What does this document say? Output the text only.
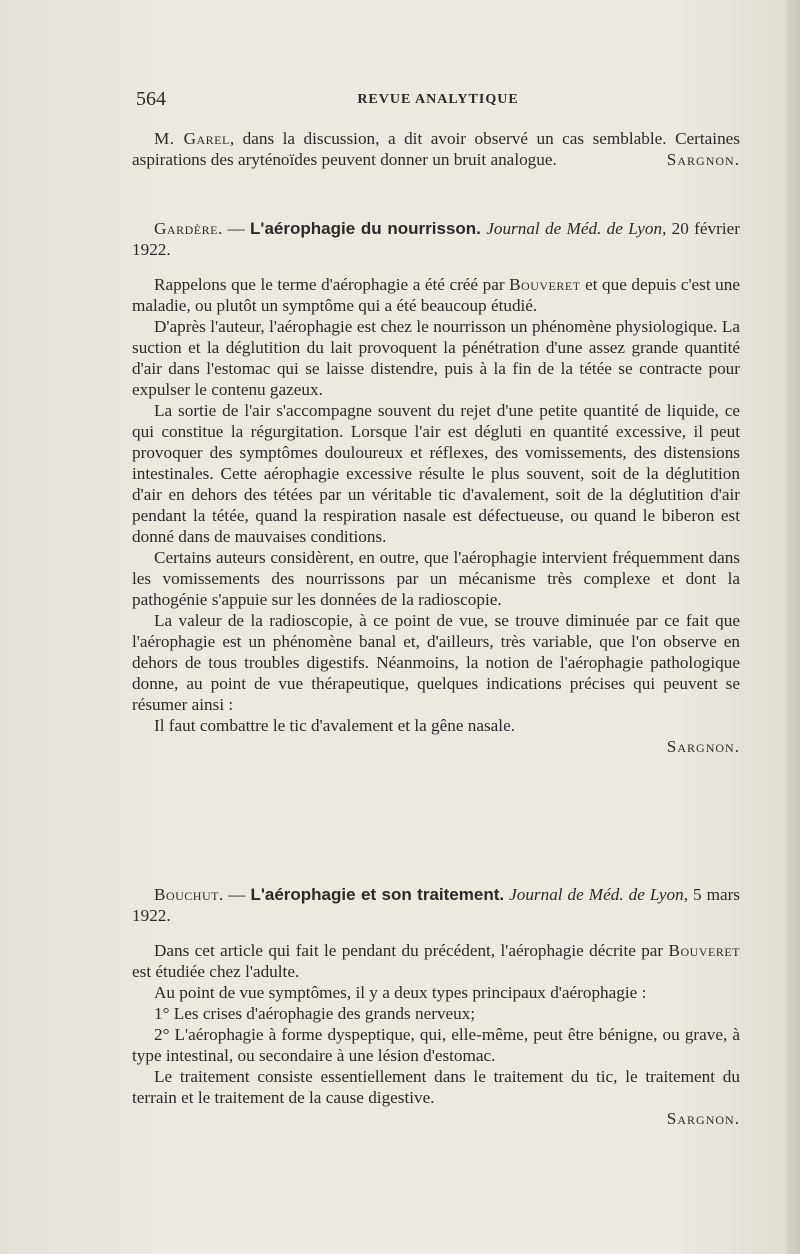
564	REVUE ANALYTIQUE

M. Garel, dans la discussion, a dit avoir observé un cas semblable. Certaines aspirations des aryténoïdes peuvent donner un bruit analogue.	Sargnon.

Gardère. — L'aérophagie du nourrisson. Journal de Méd. de Lyon, 20 février 1922.

Rappelons que le terme d'aérophagie a été créé par Bouveret et que depuis c'est une maladie, ou plutôt un symptôme qui a été beaucoup étudié.

D'après l'auteur, l'aérophagie est chez le nourrisson un phénomène physiologique. La suction et la déglutition du lait provoquent la pénétration d'une assez grande quantité d'air dans l'estomac qui se laisse distendre, puis à la fin de la tétée se contracte pour expulser le contenu gazeux.

La sortie de l'air s'accompagne souvent du rejet d'une petite quantité de liquide, ce qui constitue la régurgitation. Lorsque l'air est dégluti en quantité excessive, il peut provoquer des symptômes douloureux et réflexes, des vomissements, des distensions intestinales. Cette aérophagie excessive résulte le plus souvent, soit de la déglutition d'air en dehors des tétées par un véritable tic d'avalement, soit de la déglutition d'air pendant la tétée, quand la respiration nasale est défectueuse, ou quand le biberon est donné dans de mauvaises conditions.

Certains auteurs considèrent, en outre, que l'aérophagie intervient fréquemment dans les vomissements des nourrissons par un mécanisme très complexe et dont la pathogénie s'appuie sur les données de la radioscopie.

La valeur de la radioscopie, à ce point de vue, se trouve diminuée par ce fait que l'aérophagie est un phénomène banal et, d'ailleurs, très variable, que l'on observe en dehors de tous troubles digestifs. Néanmoins, la notion de l'aérophagie pathologique donne, au point de vue thérapeutique, quelques indications précises qui peuvent se résumer ainsi :

Il faut combattre le tic d'avalement et la gêne nasale.

Sargnon.

Bouchut. — L'aérophagie et son traitement. Journal de Méd. de Lyon, 5 mars 1922.

Dans cet article qui fait le pendant du précédent, l'aérophagie décrite par Bouveret est étudiée chez l'adulte.

Au point de vue symptômes, il y a deux types principaux d'aérophagie :

1° Les crises d'aérophagie des grands nerveux;

2° L'aérophagie à forme dyspeptique, qui, elle-même, peut être bénigne, ou grave, à type intestinal, ou secondaire à une lésion d'estomac.

Le traitement consiste essentiellement dans le traitement du tic, le traitement du terrain et le traitement de la cause digestive.

Sargnon.
